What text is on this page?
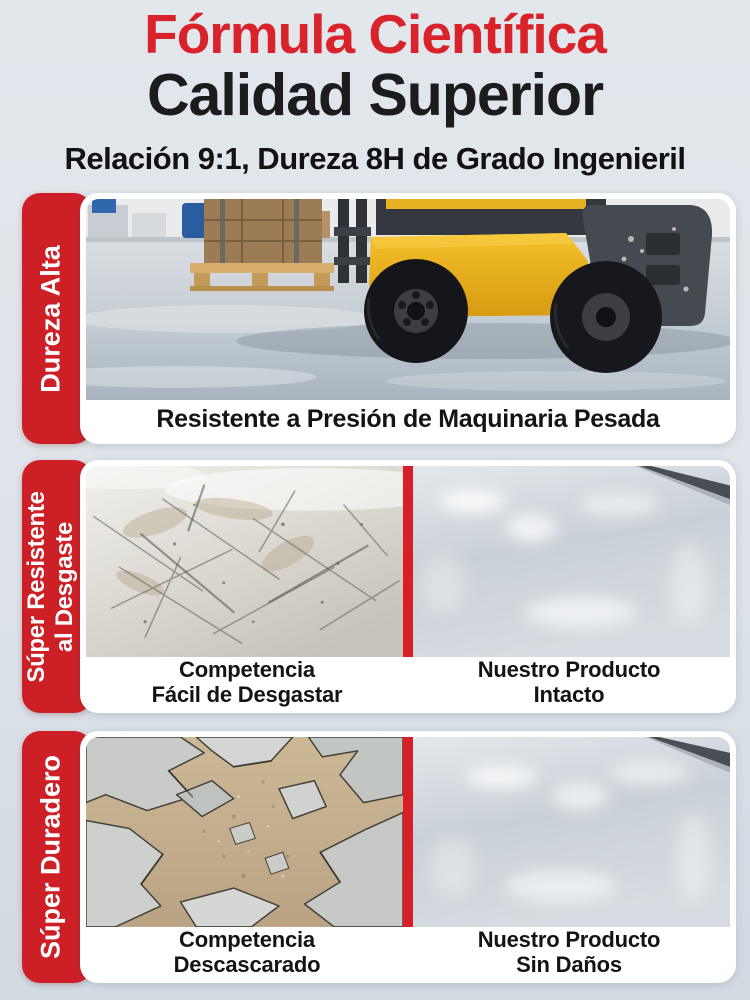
Fórmula Científica
Calidad Superior
Relación 9:1, Dureza 8H de Grado Ingenieril
Dureza Alta
Resistente a Presión de Maquinaria Pesada
Súper Resistente al Desgaste
Competencia
Fácil de Desgastar
Nuestro Producto
Intacto
Súper Duradero	Competencia
Descascarado
Nuestro Producto
Sin Daños
